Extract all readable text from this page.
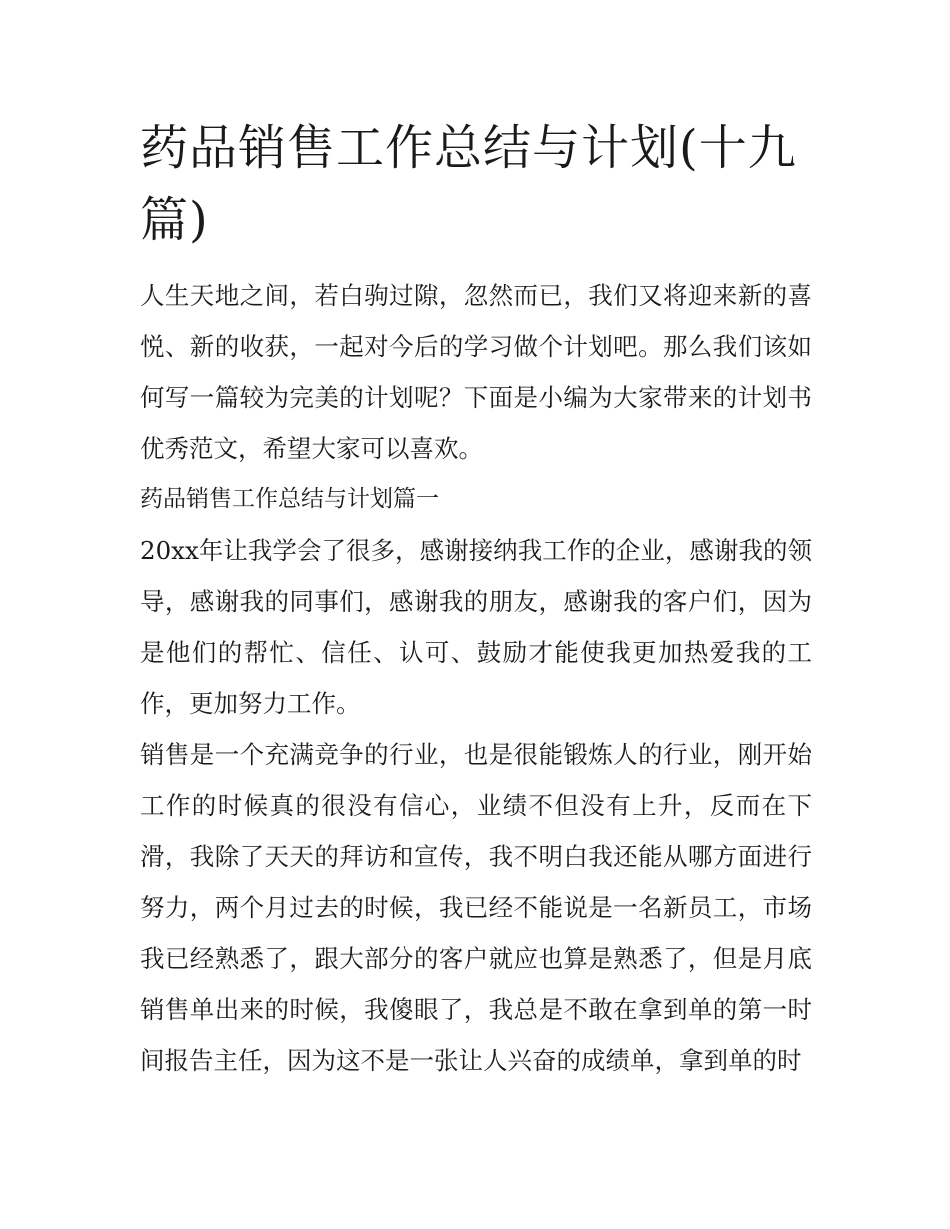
药品销售工作总结与计划(十九篇)

人生天地之间，若白驹过隙，忽然而已，我们又将迎来新的喜悦、新的收获，一起对今后的学习做个计划吧。那么我们该如何写一篇较为完美的计划呢？下面是小编为大家带来的计划书优秀范文，希望大家可以喜欢。

药品销售工作总结与计划篇一

20xx年让我学会了很多，感谢接纳我工作的企业，感谢我的领导，感谢我的同事们，感谢我的朋友，感谢我的客户们，因为是他们的帮忙、信任、认可、鼓励才能使我更加热爱我的工作，更加努力工作。

销售是一个充满竞争的行业，也是很能锻炼人的行业，刚开始工作的时候真的很没有信心，业绩不但没有上升，反而在下滑，我除了天天的拜访和宣传，我不明白我还能从哪方面进行努力，两个月过去的时候，我已经不能说是一名新员工，市场我已经熟悉了，跟大部分的客户就应也算是熟悉了，但是月底销售单出来的时候，我傻眼了，我总是不敢在拿到单的第一时间报告主任，因为这不是一张让人兴奋的成绩单，拿到单的时
